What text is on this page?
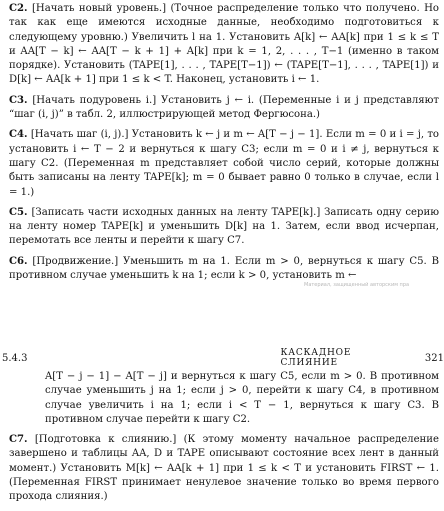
C2. [Начать новый уровень.] (Точное распределение только что получено. Но так как еще имеются исходные данные, необходимо подготовиться к следующему уровню.) Увеличить l на 1. Установить A[k] ← AA[k] при 1 ≤ k ≤ T и AA[T − k] ← AA[T − k + 1] + A[k] при k = 1, 2, . . . , T−1 (именно в таком порядке). Установить (TAPE[1], . . . , TAPE[T−1]) ← (TAPE[T−1], . . . , TAPE[1]) и D[k] ← AA[k + 1] при 1 ≤ k < T. Наконец, установить i ← 1.
C3. [Начать подуровень i.] Установить j ← i. (Переменные i и j представляют “шаг (i, j)” в табл. 2, иллюстрирующей метод Фергюсона.)
C4. [Начать шаг (i, j).] Установить k ← j и m ← A[T − j − 1]. Если m = 0 и i = j, то установить i ← T − 2 и вернуться к шагу C3; если m = 0 и i ≠ j, вернуться к шагу C2. (Переменная m представляет собой число серий, которые должны быть записаны на ленту TAPE[k]; m = 0 бывает равно 0 только в случае, если l = 1.)
C5. [Записать части исходных данных на ленту TAPE[k].] Записать одну серию на ленту номер TAPE[k] и уменьшить D[k] на 1. Затем, если ввод исчерпан, перемотать все ленты и перейти к шагу C7.
C6. [Продвижение.] Уменьшить m на 1. Если m > 0, вернуться к шагу C5. В противном случае уменьшить k на 1; если k > 0, установить m ←
Материал, защищенный авторским пра
5.4.3	КАСКАДНОЕ СЛИЯНИЕ	321
A[T − j − 1] − A[T − j] и вернуться к шагу C5, если m > 0. В противном случае уменьшить j на 1; если j > 0, перейти к шагу C4, в противном случае увеличить i на 1; если i < T − 1, вернуться к шагу C3. В противном случае перейти к шагу C2.
C7. [Подготовка к слиянию.] (К этому моменту начальное распределение завершено и таблицы AA, D и TAPE описывают состояние всех лент в данный момент.) Установить M[k] ← AA[k + 1] при 1 ≤ k < T и установить FIRST ← 1. (Переменная FIRST принимает ненулевое значение только во время первого прохода слияния.)
